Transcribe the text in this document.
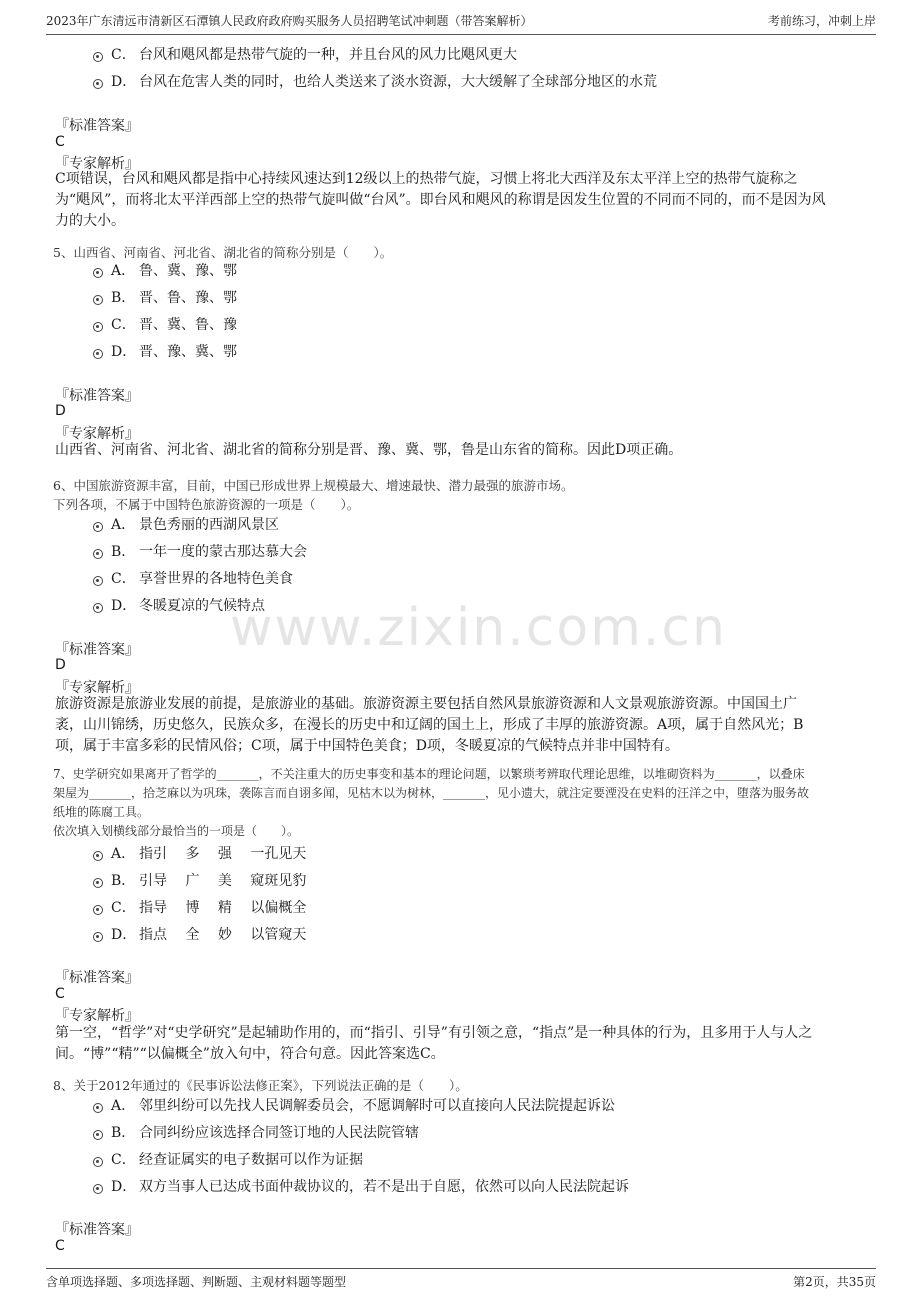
2023年广东清远市清新区石潭镇人民政府政府购买服务人员招聘笔试冲刺题（带答案解析）	考前练习，冲刺上岸
www.zixin.com.cn
C． 台风和飓风都是热带气旋的一种，并且台风的风力比飓风更大
D． 台风在危害人类的同时，也给人类送来了淡水资源，大大缓解了全球部分地区的水荒
『标准答案』
C
『专家解析』
C项错误，台风和飓风都是指中心持续风速达到12级以上的热带气旋，习惯上将北大西洋及东太平洋上空的热带气旋称之
为“飓风”，而将北太平洋西部上空的热带气旋叫做“台风”。即台风和飓风的称谓是因发生位置的不同而不同的，而不是因为风
力的大小。
5、山西省、河南省、河北省、湖北省的简称分别是（　　）。
A． 鲁、冀、豫、鄂
B． 晋、鲁、豫、鄂
C． 晋、冀、鲁、豫
D． 晋、豫、冀、鄂
『标准答案』
D
『专家解析』
山西省、河南省、河北省、湖北省的简称分别是晋、豫、冀、鄂，鲁是山东省的简称。因此D项正确。
6、中国旅游资源丰富，目前，中国已形成世界上规模最大、增速最快、潜力最强的旅游市场。
下列各项，不属于中国特色旅游资源的一项是（　　）。
A． 景色秀丽的西湖风景区
B． 一年一度的蒙古那达慕大会
C． 享誉世界的各地特色美食
D． 冬暖夏凉的气候特点
『标准答案』
D
『专家解析』
旅游资源是旅游业发展的前提，是旅游业的基础。旅游资源主要包括自然风景旅游资源和人文景观旅游资源。中国国土广
袤，山川锦绣，历史悠久，民族众多，在漫长的历史中和辽阔的国土上，形成了丰厚的旅游资源。A项，属于自然风光；B
项，属于丰富多彩的民情风俗；C项，属于中国特色美食；D项，冬暖夏凉的气候特点并非中国特有。
7、史学研究如果离开了哲学的_______，不关注重大的历史事变和基本的理论问题，以繁琐考辨取代理论思维，以堆砌资料为_______，以叠床
架屋为_______，拾芝麻以为巩珠，袭陈言而自诩多闻，见枯木以为树林，_______，见小遗大，就注定要湮没在史料的汪洋之中，堕落为服务故
纸堆的陈腐工具。
依次填入划横线部分最恰当的一项是（　　）。
A． 指引　 多　 强　 一孔见天
B． 引导　 广　 美　 窥斑见豹
C． 指导　 博　 精　 以偏概全
D． 指点　 全　 妙　 以管窥天
『标准答案』
C
『专家解析』
第一空，“哲学”对“史学研究”是起辅助作用的，而“指引、引导”有引领之意，“指点”是一种具体的行为，且多用于人与人之
间。“博”“精”“以偏概全”放入句中，符合句意。因此答案选C。
8、关于2012年通过的《民事诉讼法修正案》，下列说法正确的是（　　）。
A． 邻里纠纷可以先找人民调解委员会，不愿调解时可以直接向人民法院提起诉讼
B． 合同纠纷应该选择合同签订地的人民法院管辖
C． 经查证属实的电子数据可以作为证据
D． 双方当事人已达成书面仲裁协议的，若不是出于自愿，依然可以向人民法院起诉
『标准答案』
C
含单项选择题、多项选择题、判断题、主观材料题等题型	第2页，共35页
